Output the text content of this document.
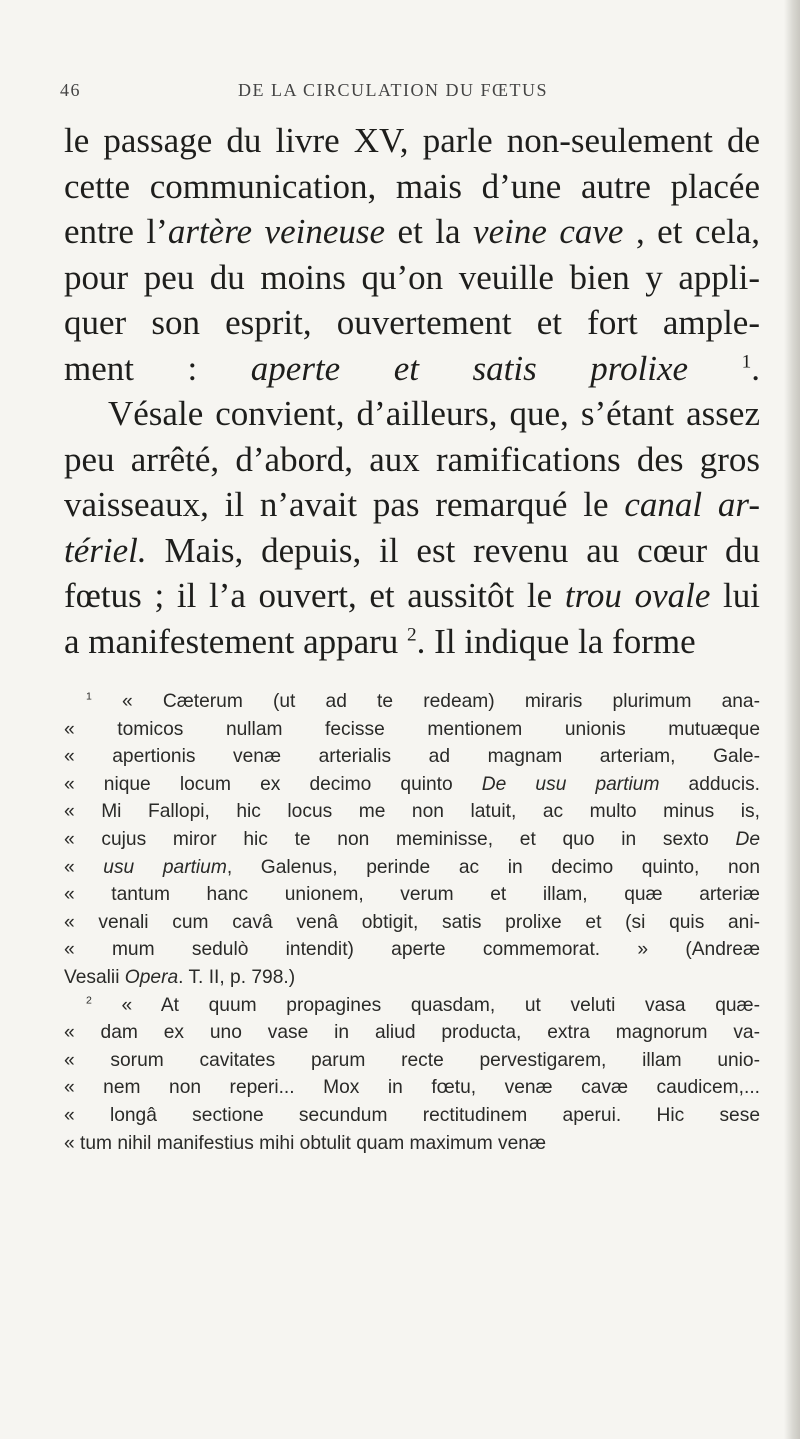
46	DE LA CIRCULATION DU FŒTUS
le passage du livre XV, parle non-seulement de
cette communication, mais d’une autre placée
entre l’artère veineuse et la veine cave , et cela,
pour peu du moins qu’on veuille bien y appli-
quer son esprit, ouvertement et fort ample-
ment : aperte et satis prolixe	$^1$.
Vésale convient, d’ailleurs, que, s’étant assez
peu arrêté, d’abord, aux ramifications des gros
vaisseaux, il n’avait pas remarqué le canal ar-
tériel. Mais, depuis, il est revenu au cœur du
fœtus ; il l’a ouvert, et aussitôt le trou ovale lui
a manifestement apparu $^2$. Il indique la forme
$^1$ « Cæterum (ut ad te redeam) miraris plurimum ana-
« tomicos nullam fecisse mentionem unionis mutuæque
« apertionis venæ arterialis ad magnam arteriam, Gale-
« nique locum ex decimo quinto De usu partium adducis.
« Mi Fallopi, hic locus me non latuit, ac multo minus is,
« cujus miror hic te non meminisse, et quo in sexto De
« usu partium, Galenus, perinde ac in decimo quinto, non
« tantum hanc unionem, verum et illam, quæ arteriæ
« venali cum cavâ venâ obtigit, satis prolixe et (si quis ani-
« mum sedulò intendit) aperte commemorat. » (Andreæ
Vesalii Opera. T. II, p. 798.)
$^2$ « At quum propagines quasdam, ut veluti vasa quæ-
« dam ex uno vase in aliud producta, extra magnorum va-
« sorum cavitates parum recte pervestigarem, illam unio-
« nem non reperi... Mox in fœtu, venæ cavæ caudicem,...
« longâ sectione secundum rectitudinem aperui. Hic sese
« tum nihil manifestius mihi obtulit quam maximum venæ
